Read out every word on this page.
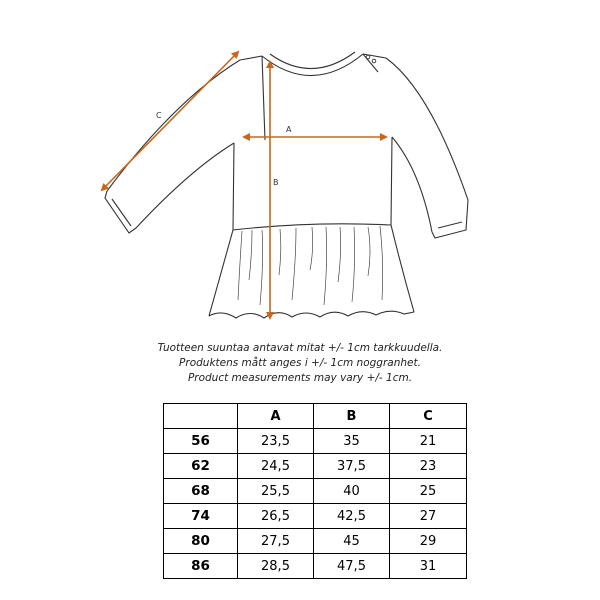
A
B
C
Tuotteen suuntaa antavat mitat +/- 1cm tarkkuudella.
Produktens mått anges i +/- 1cm noggranhet.
Product measurements may vary +/- 1cm.
	A	B	C
56	23,5	35	21
62	24,5	37,5	23
68	25,5	40	25
74	26,5	42,5	27
80	27,5	45	29
86	28,5	47,5	31
